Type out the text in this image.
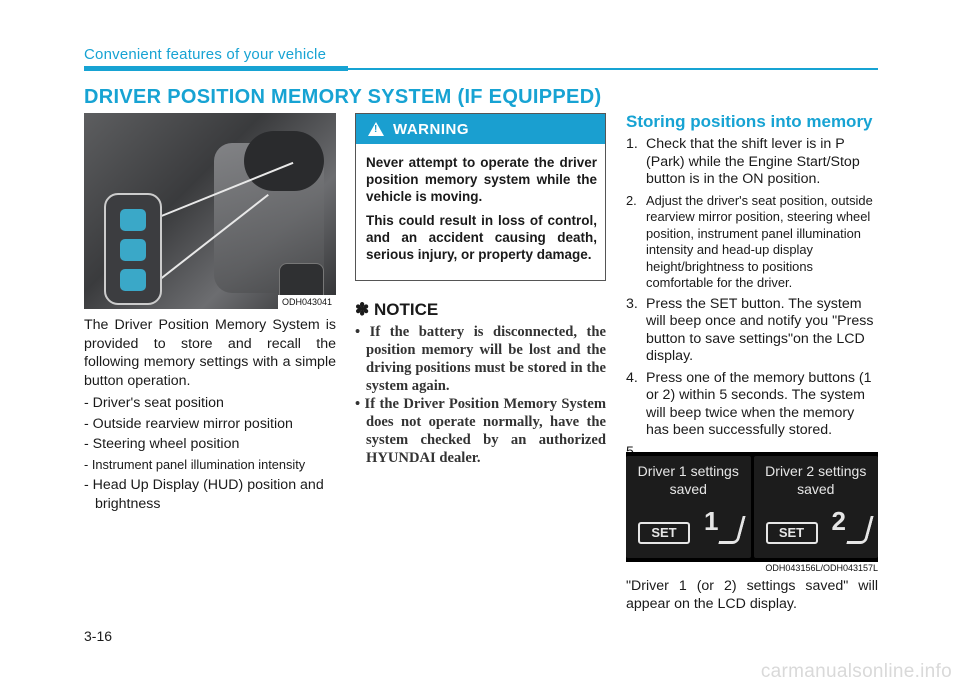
Convenient features of your vehicle
DRIVER POSITION MEMORY SYSTEM (IF EQUIPPED)
ODH043041

The Driver Position Memory System is provided to store and recall the following memory settings with a simple button operation.

- Driver's seat position
- Outside rearview mirror position
- Steering wheel position
- Instrument panel illumination intensity
- Head Up Display (HUD) position and brightness
!
WARNING

Never attempt to operate the driver position memory system while the vehicle is moving.

This could result in loss of control, and an accident causing death, serious injury, or property damage.

✽ NOTICE
• If the battery is disconnected, the position memory will be lost and the driving positions must be stored in the system again.
• If the Driver Position Memory System does not operate normally, have the system checked by an authorized HYUNDAI dealer.
Storing positions into memory
1. Check that the shift lever is in P (Park) while the Engine Start/Stop button is in the ON position.
2. Adjust the driver's seat position, outside rearview mirror position, steering wheel position, instrument panel illumination intensity and head-up display height/brightness to positions comfortable for the driver.
3. Press the SET button. The system will beep once and notify you "Press button to save settings"on the LCD display.
4. Press one of the memory buttons (1 or 2) within 5 seconds. The system will beep twice when the memory has been successfully stored.
Driver 1 settings
saved
SET	1
Driver 2 settings
saved
SET	2
ODH043156L/ODH043157L
"Driver 1 (or 2) settings saved" will appear on the LCD display.
3-16
carmanualsonline.info
